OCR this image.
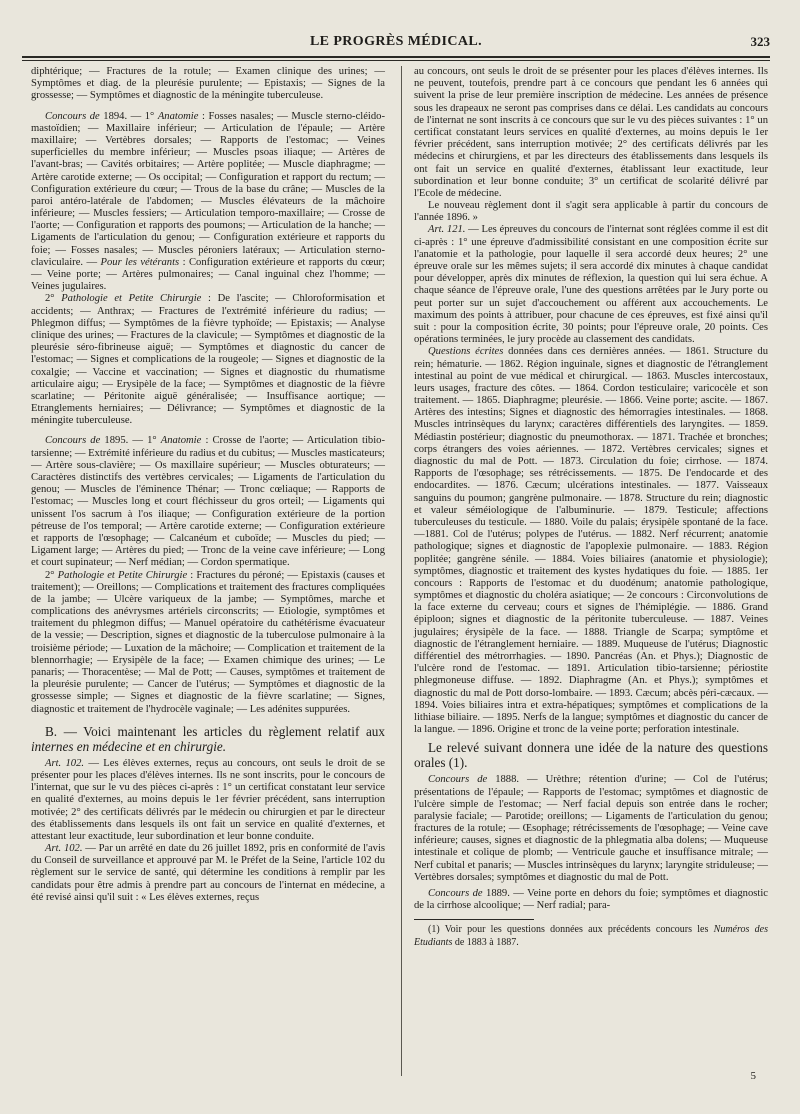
LE PROGRÈS MÉDICAL.	323

diphtérique; — Fractures de la rotule; — Examen clinique des urines; — Symptômes et diag. de la pleurésie purulente; — Epistaxis; — Signes de la grossesse; — Symptômes et diagnostic de la méningite tuberculeuse.

Concours de 1894. — 1° Anatomie : Fosses nasales; — Muscle sterno-cléido-mastoïdien; — Maxillaire inférieur; — Articulation de l'épaule; — Artère maxillaire; — Vertèbres dorsales; — Rapports de l'estomac; — Veines superficielles du membre inférieur; — Muscles psoas iliaque; — Artères de l'avant-bras; — Cavités orbitaires; — Artère poplitée; — Muscle diaphragme; — Artère carotide externe; — Os occipital; — Configuration et rapport du rectum; — Configuration extérieure du cœur; — Trous de la base du crâne; — Muscles de la paroi antéro-latérale de l'abdomen; — Muscles élévateurs de la mâchoire inférieure; — Muscles fessiers; — Articulation temporo-maxillaire; — Crosse de l'aorte; — Configuration et rapports des poumons; — Articulation de la hanche; — Ligaments de l'articulation du genou; — Configuration extérieure et rapports du foie; — Fosses nasales; — Muscles péroniers latéraux; — Articulation sterno-claviculaire. — Pour les vétérants : Configuration extérieure et rapports du cœur; — Veine porte; — Artères pulmonaires; — Canal inguinal chez l'homme; — Veines jugulaires.

2° Pathologie et Petite Chirurgie : De l'ascite; — Chloroformisation et accidents; — Anthrax; — Fractures de l'extrémité inférieure du radius; — Phlegmon diffus; — Symptômes de la fièvre typhoïde; — Epistaxis; — Analyse clinique des urines; — Fractures de la clavicule; — Symptômes et diagnostic de la pleurésie séro-fibrineuse aiguë; — Symptômes et diagnostic du cancer de l'estomac; — Signes et complications de la rougeole; — Signes et diagnostic de la coxalgie; — Vaccine et vaccination; — Signes et diagnostic du rhumatisme articulaire aigu; — Erysipèle de la face; — Symptômes et diagnostic de la fièvre scarlatine; — Péritonite aiguë généralisée; — Insuffisance aortique; — Etranglements herniaires; — Délivrance; — Symptômes et diagnostic de la méningite tuberculeuse.

Concours de 1895. — 1° Anatomie : Crosse de l'aorte; — Articulation tibio-tarsienne; — Extrémité inférieure du radius et du cubitus; — Muscles masticateurs; — Artère sous-clavière; — Os maxillaire supérieur; — Muscles obturateurs; — Caractères distinctifs des vertèbres cervicales; — Ligaments de l'articulation du genou; — Muscles de l'éminence Thénar; — Tronc cœliaque; — Rapports de l'estomac; — Muscles long et court fléchisseur du gros orteil; — Ligaments qui unissent l'os sacrum à l'os iliaque; — Configuration extérieure de la portion pétreuse de l'os temporal; — Artère carotide externe; — Configuration extérieure et rapports de l'œsophage; — Calcanéum et cuboïde; — Muscles du pied; — Ligament large; — Artères du pied; — Tronc de la veine cave inférieure; — Long et court supinateur; — Nerf médian; — Cordon spermatique.

2° Pathologie et Petite Chirurgie : Fractures du péroné; — Epistaxis (causes et traitement); — Oreillons; — Complications et traitement des fractures compliquées de la jambe; — Ulcère variqueux de la jambe; — Symptômes, marche et complications des anévrysmes artériels circonscrits; — Etiologie, symptômes et traitement du phlegmon diffus; — Manuel opératoire du cathétérisme évacuateur de la vessie; — Description, signes et diagnostic de la tuberculose pulmonaire à la troisième période; — Luxation de la mâchoire; — Complication et traitement de la blennorrhagie; — Erysipèle de la face; — Examen chimique des urines; — Le panaris; — Thoracentèse; — Mal de Pott; — Causes, symptômes et traitement de la pleurésie purulente; — Cancer de l'utérus; — Symptômes et diagnostic de la grossesse simple; — Signes et diagnostic de la fièvre scarlatine; — Signes, diagnostic et traitement de l'hydrocèle vaginale; — Les adénites suppurées.

B. — Voici maintenant les articles du règlement relatif aux internes en médecine et en chirurgie.

Art. 102. — Les élèves externes, reçus au concours, ont seuls le droit de se présenter pour les places d'élèves internes. Ils ne sont inscrits, pour le concours de l'internat, que sur le vu des pièces ci-après : 1° un certificat constatant leur service en qualité d'externes, au moins depuis le 1er février précédent, sans interruption motivée; 2° des certificats délivrés par le médecin ou chirurgien et par le directeur des établissements dans lesquels ils ont fait un service en qualité d'externes, et attestant leur exactitude, leur subordination et leur bonne conduite.

Art. 102. — Par un arrêté en date du 26 juillet 1892, pris en conformité de l'avis du Conseil de surveillance et approuvé par M. le Préfet de la Seine, l'article 102 du règlement sur le service de santé, qui détermine les conditions à remplir par les candidats pour être admis à prendre part au concours de l'internat en médecine, a été revisé ainsi qu'il suit : « Les élèves externes, reçus

au concours, ont seuls le droit de se présenter pour les places d'élèves internes. Ils ne peuvent, toutefois, prendre part à ce concours que pendant les 6 années qui suivent la prise de leur première inscription de médecine. Les années de présence sous les drapeaux ne seront pas comprises dans ce délai. Les candidats au concours de l'internat ne sont inscrits à ce concours que sur le vu des pièces suivantes : 1° un certificat constatant leurs services en qualité d'externes, au moins depuis le 1er février précédent, sans interruption motivée; 2° des certificats délivrés par les médecins et chirurgiens, et par les directeurs des établissements dans lesquels ils ont fait un service en qualité d'externes, établissant leur exactitude, leur subordination et leur bonne conduite; 3° un certificat de scolarité délivré par l'Ecole de médecine.

Le nouveau règlement dont il s'agit sera applicable à partir du concours de l'année 1896. »

Art. 121. — Les épreuves du concours de l'internat sont réglées comme il est dit ci-après : 1° une épreuve d'admissibilité consistant en une composition écrite sur l'anatomie et la pathologie, pour laquelle il sera accordé deux heures; 2° une épreuve orale sur les mêmes sujets; il sera accordé dix minutes à chaque candidat pour développer, après dix minutes de réflexion, la question qui lui sera échue. A chaque séance de l'épreuve orale, l'une des questions arrêtées par le Jury porte ou peut porter sur un sujet d'accouchement ou afférent aux accouchements. Le maximum des points à attribuer, pour chacune de ces épreuves, est fixé ainsi qu'il suit : pour la composition écrite, 30 points; pour l'épreuve orale, 20 points. Ces opérations terminées, le jury procède au classement des candidats.

Questions écrites données dans ces dernières années. — 1861. Structure du rein; hématurie. — 1862. Région inguinale, signes et diagnostic de l'étranglement intestinal au point de vue médical et chirurgical. — 1863. Muscles intercostaux, leurs usages, fracture des côtes. — 1864. Cordon testiculaire; varicocèle et son traitement. — 1865. Diaphragme; pleurésie. — 1866. Veine porte; ascite. — 1867. Artères des intestins; Signes et diagnostic des hémorragies intestinales. — 1868. Muscles intrinsèques du larynx; caractères différentiels des laryngites. — 1859. Médiastin postérieur; diagnostic du pneumothorax. — 1871. Trachée et bronches; corps étrangers des voies aériennes. — 1872. Vertèbres cervicales; signes et diagnostic du mal de Pott. — 1873. Circulation du foie; cirrhose. — 1874. Rapports de l'œsophage; ses rétrécissements. — 1875. De l'endocarde et des endocardites. — 1876. Cæcum; ulcérations intestinales. — 1877. Vaisseaux sanguins du poumon; gangrène pulmonaire. — 1878. Structure du rein; diagnostic et valeur séméiologique de l'albuminurie. — 1879. Testicule; affections tuberculeuses du testicule. — 1880. Voile du palais; érysipèle spontané de la face.—1881. Col de l'utérus; polypes de l'utérus. — 1882. Nerf récurrent; anatomie pathologique; signes et diagnostic de l'apoplexie pulmonaire. — 1883. Région poplitée; gangrène sénile. — 1884. Voies biliaires (anatomie et physiologie); symptômes, diagnostic et traitement des kystes hydatiques du foie. — 1885. 1er concours : Rapports de l'estomac et du duodénum; anatomie pathologique, symptômes et diagnostic du choléra asiatique; — 2e concours : Circonvolutions de la face externe du cerveau; cours et signes de l'hémiplégie. — 1886. Grand épiploon; signes et diagnostic de la péritonite tuberculeuse. — 1887. Veines jugulaires; érysipèle de la face. — 1888. Triangle de Scarpa; symptôme et diagnostic de l'étranglement herniaire. — 1889. Muqueuse de l'utérus; Diagnostic différentiel des métrorrhagies. — 1890. Pancréas (An. et Phys.); Diagnostic de l'ulcère rond de l'estomac. — 1891. Articulation tibio-tarsienne; périostite phlegmoneuse diffuse. — 1892. Diaphragme (An. et Phys.); symptômes et diagnostic du mal de Pott dorso-lombaire. — 1893. Cæcum; abcès péri-cæcaux. — 1894. Voies biliaires intra et extra-hépatiques; symptômes et complications de la lithiase biliaire. — 1895. Nerfs de la langue; symptômes et diagnostic du cancer de la langue. — 1896. Origine et tronc de la veine porte; perforation intestinale.

Le relevé suivant donnera une idée de la nature des questions orales (1).

Concours de 1888. — Urèthre; rétention d'urine; — Col de l'utérus; présentations de l'épaule; — Rapports de l'estomac; symptômes et diagnostic de l'ulcère simple de l'estomac; — Nerf facial depuis son entrée dans le rocher; paralysie faciale; — Parotide; oreillons; — Ligaments de l'articulation du genou; fractures de la rotule; — Œsophage; rétrécissements de l'œsophage; — Veine cave inférieure; causes, signes et diagnostic de la phlegmatia alba dolens; — Muqueuse intestinale et colique de plomb; — Ventricule gauche et insuffisance mitrale; — Nerf cubital et panaris; — Muscles intrinsèques du larynx; laryngite striduleuse; — Vertèbres dorsales; symptômes et diagnostic du mal de Pott.

Concours de 1889. — Veine porte en dehors du foie; symptômes et diagnostic de la cirrhose alcoolique; — Nerf radial; para-

(1) Voir pour les questions données aux précédents concours les Numéros des Etudiants de 1883 à 1887.

5
